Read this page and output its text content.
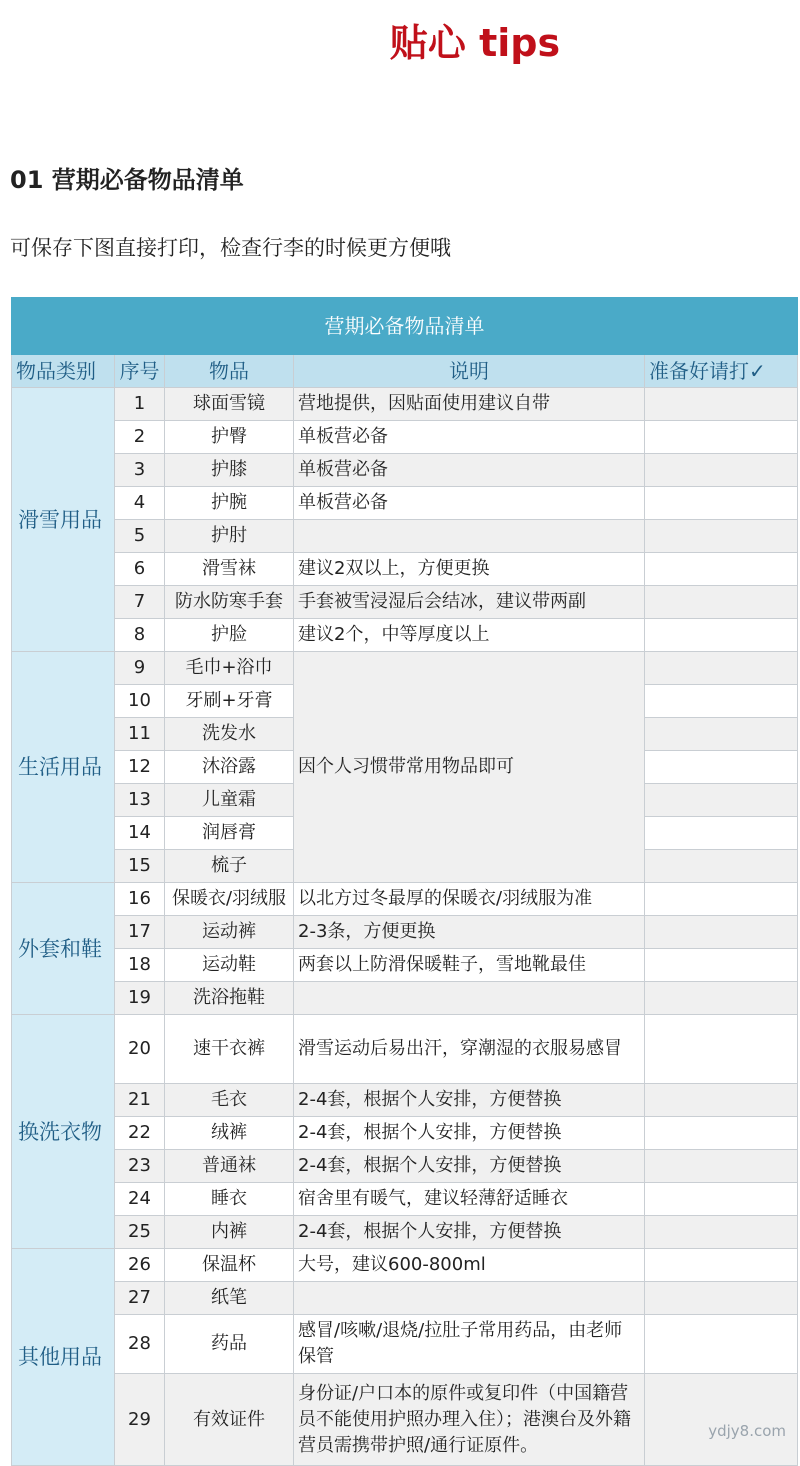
贴心 tips
01 营期必备物品清单
可保存下图直接打印，检查行李的时候更方便哦
营期必备物品清单				
物品类别	序号	物品	说明	准备好请打✓
滑雪用品	1	球面雪镜	营地提供，因贴面使用建议自带	
	2	护臀	单板营必备	
	3	护膝	单板营必备	
	4	护腕	单板营必备	
	5	护肘		
	6	滑雪袜	建议2双以上，方便更换	
	7	防水防寒手套	手套被雪浸湿后会结冰，建议带两副	
	8	护脸	建议2个，中等厚度以上	
生活用品	9	毛巾+浴巾	因个人习惯带常用物品即可	
	10	牙刷+牙膏		
	11	洗发水		
	12	沐浴露		
	13	儿童霜		
	14	润唇膏		
	15	梳子		
外套和鞋	16	保暖衣/羽绒服	以北方过冬最厚的保暖衣/羽绒服为准	
	17	运动裤	2-3条，方便更换	
	18	运动鞋	两套以上防滑保暖鞋子，雪地靴最佳	
	19	洗浴拖鞋		
换洗衣物	20	速干衣裤	滑雪运动后易出汗，穿潮湿的衣服易感冒	
	21	毛衣	2-4套，根据个人安排，方便替换	
	22	绒裤	2-4套，根据个人安排，方便替换	
	23	普通袜	2-4套，根据个人安排，方便替换	
	24	睡衣	宿舍里有暖气，建议轻薄舒适睡衣	
	25	内裤	2-4套，根据个人安排，方便替换	
其他用品	26	保温杯	大号，建议600-800ml	
	27	纸笔		
	28	药品	感冒/咳嗽/退烧/拉肚子常用药品，由老师保管	
	29	有效证件	身份证/户口本的原件或复印件（中国籍营员不能使用护照办理入住）；港澳台及外籍营员需携带护照/通行证原件。	
ydjy8.com
